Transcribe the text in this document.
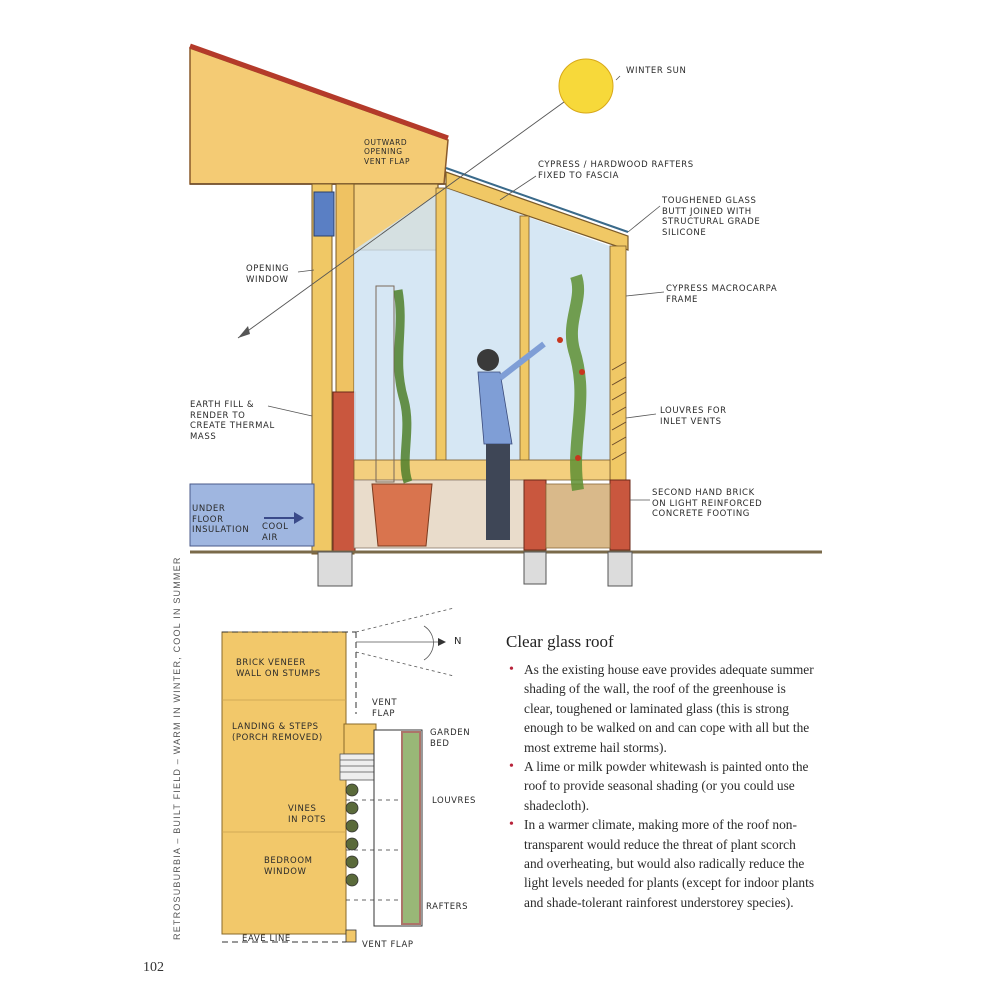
WINTER SUN
OUTWARD
OPENING
VENT FLAP	CYPRESS / HARDWOOD RAFTERS
FIXED TO FASCIA
TOUGHENED GLASS
BUTT JOINED WITH
STRUCTURAL GRADE
SILICONE
OPENING
WINDOW
CYPRESS MACROCARPA
FRAME
EARTH FILL &
RENDER TO
CREATE THERMAL
MASS
LOUVRES FOR
INLET VENTS
SECOND HAND BRICK
ON LIGHT REINFORCED
CONCRETE FOOTING
UNDER
FLOOR
INSULATION COOL
AIR
N
BRICK VENEER
WALL ON STUMPS
VENT
FLAP
LANDING & STEPS
(PORCH REMOVED)	GARDEN
BED
LOUVRES
VINES
IN POTS
BEDROOM
WINDOW
RAFTERS
EAVE LINE
VENT FLAP
RETROSUBURBIA – BUILT FIELD – WARM IN WINTER, COOL IN SUMMER
102
Clear glass roof
• As the existing house eave provides adequate summer shading of the wall, the roof of the greenhouse is clear, toughened or laminated glass (this is strong enough to be walked on and can cope with all but the most extreme hail storms).
• A lime or milk powder whitewash is painted onto the roof to provide seasonal shading (or you could use shadecloth).
• In a warmer climate, making more of the roof non-transparent would reduce the threat of plant scorch and overheating, but would also radically reduce the light levels needed for plants (except for indoor plants and shade-tolerant rainforest understorey species).
